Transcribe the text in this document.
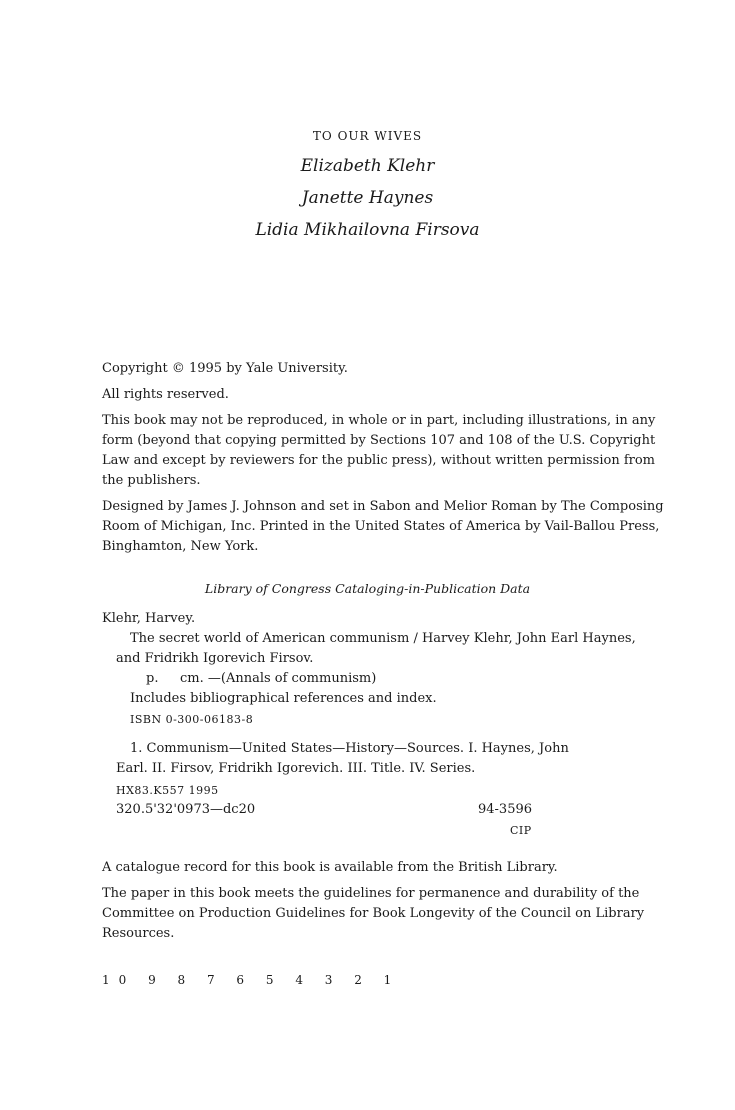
TO OUR WIVES
Elizabeth Klehr
Janette Haynes
Lidia Mikhailovna Firsova
Copyright © 1995 by Yale University.
All rights reserved.
This book may not be reproduced, in whole or in part, including illustrations, in any
form (beyond that copying permitted by Sections 107 and 108 of the U.S. Copyright
Law and except by reviewers for the public press), without written permission from
the publishers.
Designed by James J. Johnson and set in Sabon and Melior Roman by The Composing
Room of Michigan, Inc. Printed in the United States of America by Vail-Ballou Press,
Binghamton, New York.
Library of Congress Cataloging-in-Publication Data
Klehr, Harvey.
The secret world of American communism / Harvey Klehr, John Earl Haynes,
and Fridrikh Igorevich Firsov.
p. cm. —(Annals of communism)
Includes bibliographical references and index.
ISBN 0-300-06183-8
1. Communism—United States—History—Sources. I. Haynes, John
Earl. II. Firsov, Fridrikh Igorevich. III. Title. IV. Series.
HX83.K557 1995
320.5'32'0973—dc20	94-3596
CIP
A catalogue record for this book is available from the British Library.
The paper in this book meets the guidelines for permanence and durability of the
Committee on Production Guidelines for Book Longevity of the Council on Library
Resources.
10 9 8 7 6 5 4 3 2 1
